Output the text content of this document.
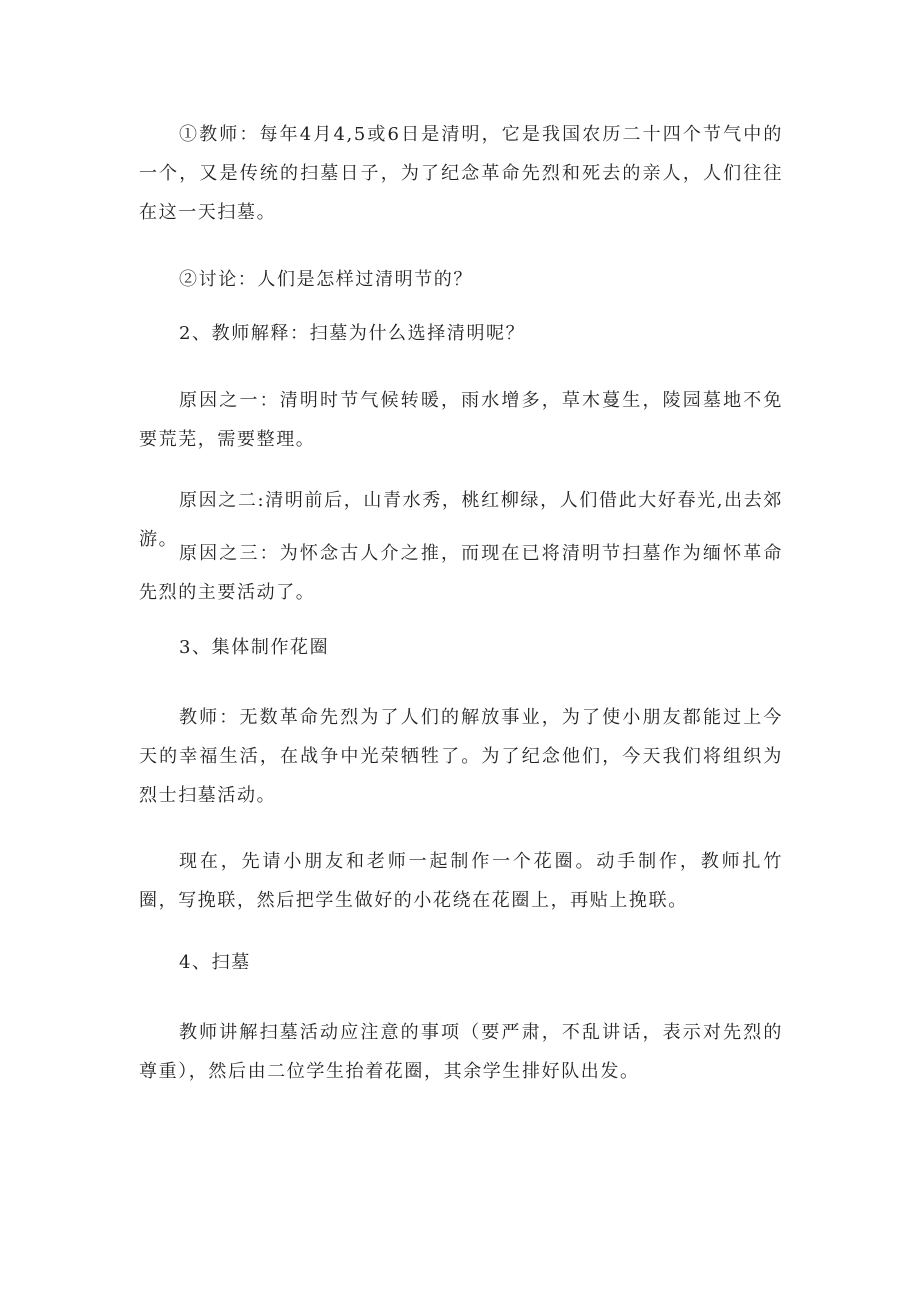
①教师：每年4月4,5或6日是清明，它是我国农历二十四个节气中的一个，又是传统的扫墓日子，为了纪念革命先烈和死去的亲人，人们往往在这一天扫墓。

②讨论：人们是怎样过清明节的？

2、教师解释：扫墓为什么选择清明呢？

原因之一：清明时节气候转暖，雨水增多，草木蔓生，陵园墓地不免要荒芜，需要整理。

原因之二:清明前后，山青水秀，桃红柳绿，人们借此大好春光,出去郊游。

原因之三：为怀念古人介之推，而现在已将清明节扫墓作为缅怀革命先烈的主要活动了。

3、集体制作花圈

教师：无数革命先烈为了人们的解放事业，为了使小朋友都能过上今天的幸福生活，在战争中光荣牺牲了。为了纪念他们，今天我们将组织为烈士扫墓活动。

现在，先请小朋友和老师一起制作一个花圈。动手制作，教师扎竹圈，写挽联，然后把学生做好的小花绕在花圈上，再贴上挽联。

4、扫墓

教师讲解扫墓活动应注意的事项（要严肃，不乱讲话，表示对先烈的尊重），然后由二位学生抬着花圈，其余学生排好队出发。
